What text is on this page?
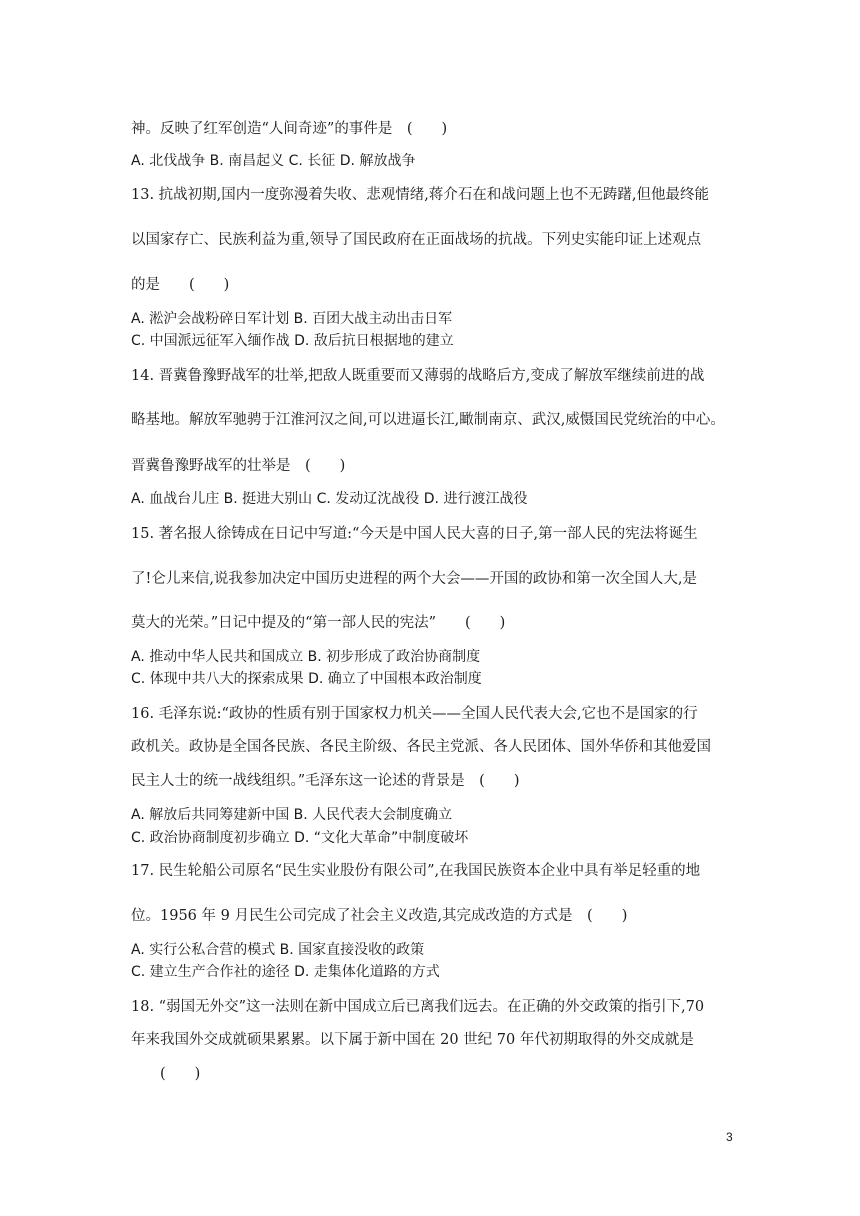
神。反映了红军创造“人间奇迹”的事件是　(　　)
A. 北伐战争 B. 南昌起义 C. 长征 D. 解放战争
13. 抗战初期,国内一度弥漫着失收、悲观情绪,蒋介石在和战问题上也不无踌躇,但他最终能
以国家存亡、民族利益为重,领导了国民政府在正面战场的抗战。下列史实能印证上述观点
的是　　(　　)
A. 淞沪会战粉碎日军计划 B. 百团大战主动出击日军
C. 中国派远征军入缅作战 D. 敌后抗日根据地的建立
14. 晋冀鲁豫野战军的壮举,把敌人既重要而又薄弱的战略后方,变成了解放军继续前进的战
略基地。解放军驰骋于江淮河汉之间,可以进逼长江,瞰制南京、武汉,威慑国民党统治的中心。
晋冀鲁豫野战军的壮举是　(　　)
A. 血战台儿庄 B. 挺进大别山 C. 发动辽沈战役 D. 进行渡江战役
15. 著名报人徐铸成在日记中写道:“今天是中国人民大喜的日子,第一部人民的宪法将诞生
了!仑儿来信,说我参加决定中国历史进程的两个大会——开国的政协和第一次全国人大,是
莫大的光荣。”日记中提及的“第一部人民的宪法”　　(　　)
A. 推动中华人民共和国成立 B. 初步形成了政治协商制度
C. 体现中共八大的探索成果 D. 确立了中国根本政治制度
16. 毛泽东说:“政协的性质有别于国家权力机关——全国人民代表大会,它也不是国家的行
政机关。政协是全国各民族、各民主阶级、各民主党派、各人民团体、国外华侨和其他爱国
民主人士的统一战线组织。”毛泽东这一论述的背景是　(　　)
A. 解放后共同筹建新中国 B. 人民代表大会制度确立
C. 政治协商制度初步确立 D. “文化大革命”中制度破坏
17. 民生轮船公司原名“民生实业股份有限公司”,在我国民族资本企业中具有举足轻重的地
位。1956 年 9 月民生公司完成了社会主义改造,其完成改造的方式是　(　　)
A. 实行公私合营的模式 B. 国家直接没收的政策
C. 建立生产合作社的途径 D. 走集体化道路的方式
18. “弱国无外交”这一法则在新中国成立后已离我们远去。在正确的外交政策的指引下,70
年来我国外交成就硕果累累。以下属于新中国在 20 世纪 70 年代初期取得的外交成就是
(　　)
3
